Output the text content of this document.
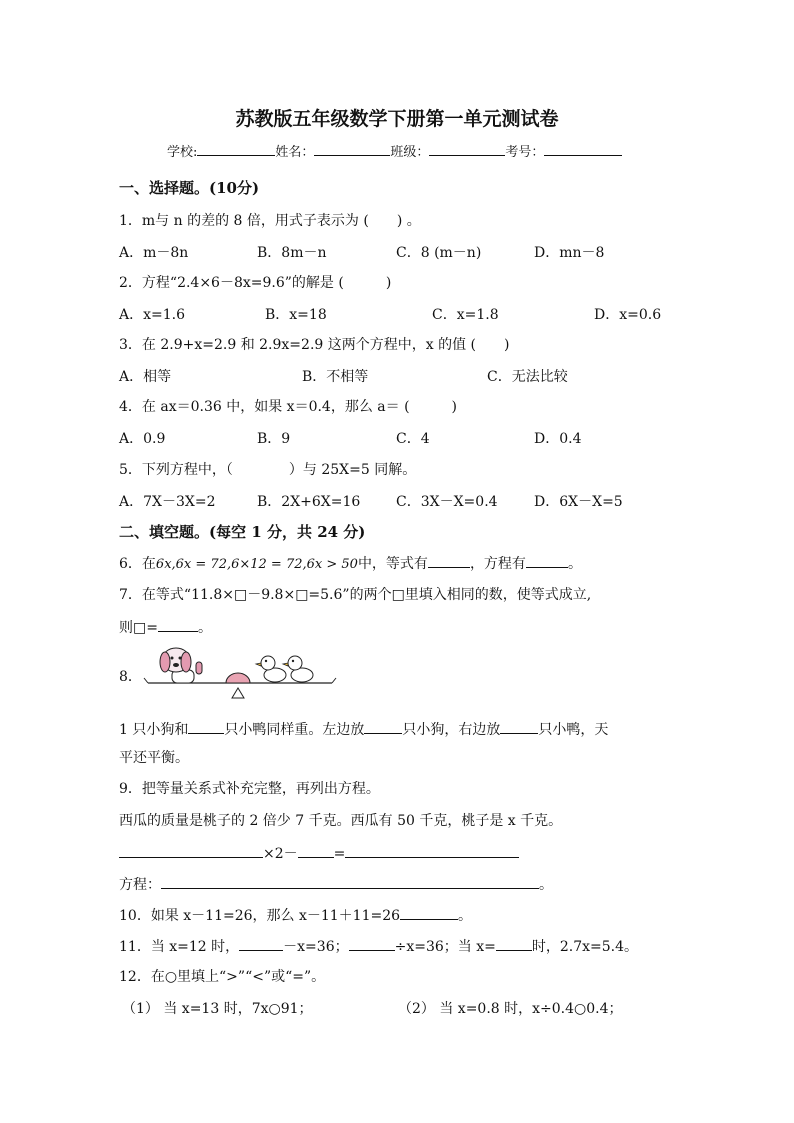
苏教版五年级数学下册第一单元测试卷
学校:	姓名：	班级：	考号：
一、选择题。(10分)
1．m与 n 的差的 8 倍，用式子表示为 (　　) 。
A．m－8n	B．8m－n	C．8 (m－n)	D．mn－8
2．方程“2.4×6－8x=9.6”的解是 (　　　)
A．x=1.6	B．x=18	C．x=1.8	D．x=0.6
3．在 2.9+x=2.9 和 2.9x=2.9 这两个方程中，x 的值 (　　)
A．相等	B．不相等	C．无法比较
4．在 ax＝0.36 中，如果 x＝0.4，那么 a＝ (　　　)
A．0.9	B．9	C．4	D．0.4
5．下列方程中，（　　　　）与 25X=5 同解。
A．7X－3X=2	B．2X+6X=16	C．3X－X=0.4	D．6X－X=5
二、填空题。(每空 1 分，共 24 分)
6．在6x,6x = 72,6×12 = 72,6x > 50中，等式有	，方程有	。
7．在等式“11.8×□－9.8×□=5.6”的两个□里填入相同的数，使等式成立,
则□=	。
8．
1 只小狗和	只小鸭同样重。左边放	只小狗，右边放	只小鸭，天
平还平衡。
9．把等量关系式补充完整，再列出方程。
西瓜的质量是桃子的 2 倍少 7 千克。西瓜有 50 千克，桃子是 x 千克。
×2－	=
方程：	。
10．如果 x－11=26，那么 x－11＋11=26	。
11．当 x=12 时，	－x=36；	÷x=36；当 x=	时，2.7x=5.4。
12．在○里填上“>”“<”或“=”。
（1） 当 x=13 时，7x○91；	（2） 当 x=0.8 时，x÷0.4○0.4；
